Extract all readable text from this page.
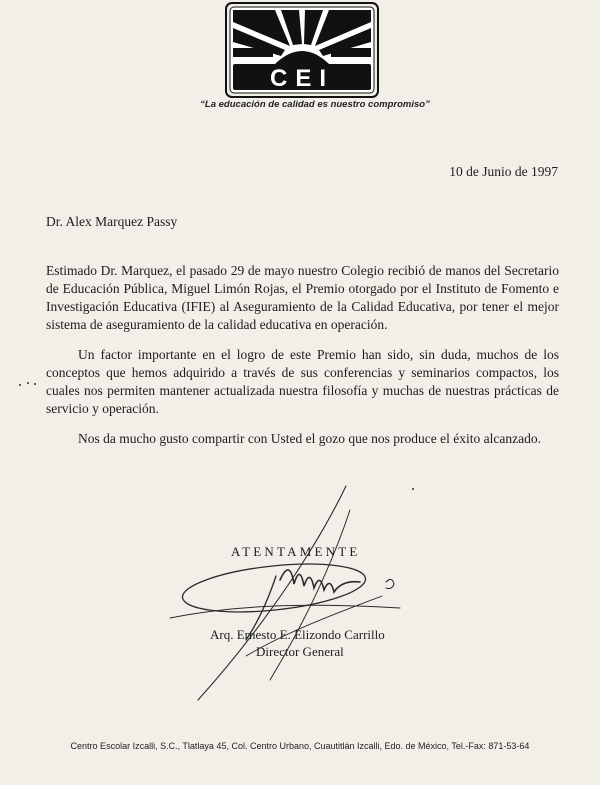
CEI
“La educación de calidad es nuestro compromiso”
10 de Junio de 1997
Dr. Alex Marquez Passy

Estimado Dr. Marquez, el pasado 29 de mayo nuestro Colegio recibió de manos del Secretario de Educación Pública, Miguel Limón Rojas, el Premio otorgado por el Instituto de Fomento e Investigación Educativa (IFIE) al Aseguramiento de la Calidad Educativa, por tener el mejor sistema de aseguramiento de la calidad educativa en operación.

Un factor importante en el logro de este Premio han sido, sin duda, muchos de los conceptos que hemos adquirido a través de sus conferencias y seminarios compactos, los cuales nos permiten mantener actualizada nuestra filosofía y muchas de nuestras prácticas de servicio y operación.

Nos da mucho gusto compartir con Usted el gozo que nos produce el éxito alcanzado.

ATENTAMENTE
Arq. Ernesto E. Elizondo Carrillo
Director General
Centro Escolar Izcalli, S.C., Tlatlaya 45, Col. Centro Urbano, Cuautitlán Izcalli, Edo. de México, Tel.-Fax: 871-53-64
